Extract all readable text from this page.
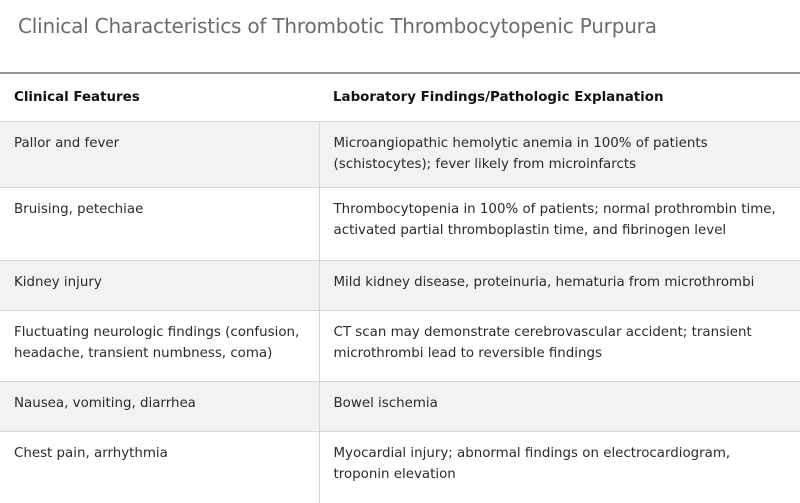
Clinical Characteristics of Thrombotic Thrombocytopenic Purpura
Clinical Features	Laboratory Findings/Pathologic Explanation
Pallor and fever	Microangiopathic hemolytic anemia in 100% of patients (schistocytes); fever likely from microinfarcts
Bruising, petechiae	Thrombocytopenia in 100% of patients; normal prothrombin time, activated partial thromboplastin time, and fibrinogen level
Kidney injury	Mild kidney disease, proteinuria, hematuria from microthrombi
Fluctuating neurologic findings (confusion, headache, transient numbness, coma)	CT scan may demonstrate cerebrovascular accident; transient microthrombi lead to reversible findings
Nausea, vomiting, diarrhea	Bowel ischemia
Chest pain, arrhythmia	Myocardial injury; abnormal findings on electrocardiogram, troponin elevation
